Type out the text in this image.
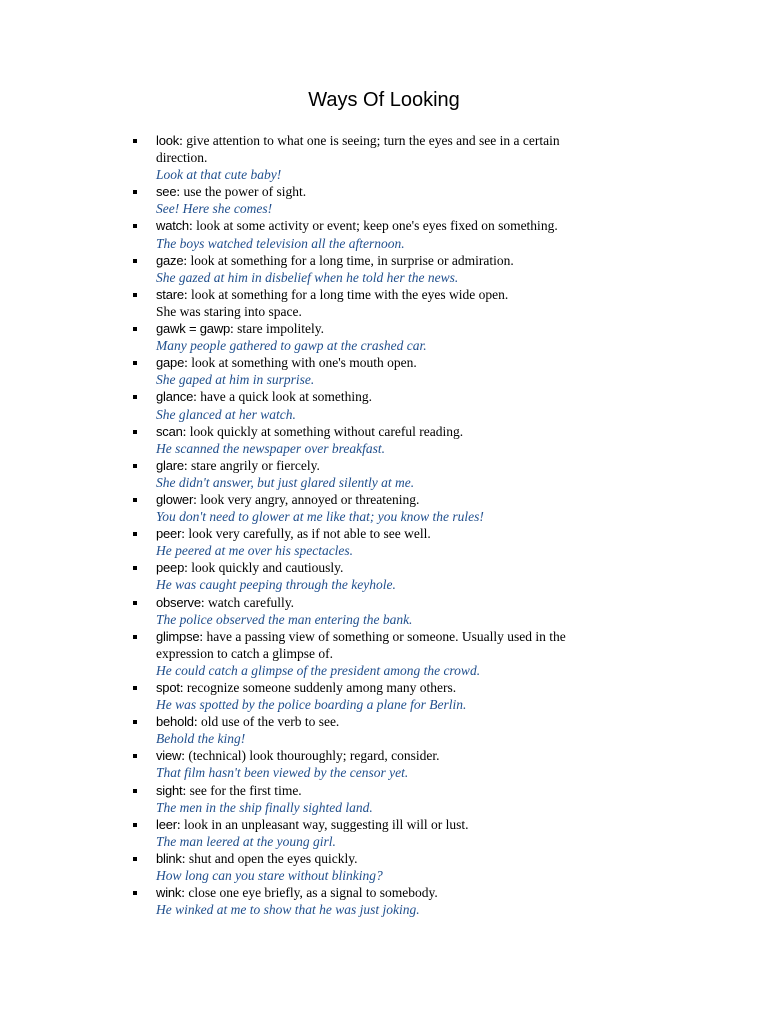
Ways Of Looking
look: give attention to what one is seeing; turn the eyes and see in a certain
direction.
Look at that cute baby!
see: use the power of sight.
See! Here she comes!
watch: look at some activity or event; keep one's eyes fixed on something.
The boys watched television all the afternoon.
gaze: look at something for a long time, in surprise or admiration.
She gazed at him in disbelief when he told her the news.
stare: look at something for a long time with the eyes wide open.
She was staring into space.
gawk = gawp: stare impolitely.
Many people gathered to gawp at the crashed car.
gape: look at something with one's mouth open.
She gaped at him in surprise.
glance: have a quick look at something.
She glanced at her watch.
scan: look quickly at something without careful reading.
He scanned the newspaper over breakfast.
glare: stare angrily or fiercely.
She didn't answer, but just glared silently at me.
glower: look very angry, annoyed or threatening.
You don't need to glower at me like that; you know the rules!
peer: look very carefully, as if not able to see well.
He peered at me over his spectacles.
peep: look quickly and cautiously.
He was caught peeping through the keyhole.
observe: watch carefully.
The police observed the man entering the bank.
glimpse: have a passing view of something or someone. Usually used in the
expression to catch a glimpse of.
He could catch a glimpse of the president among the crowd.
spot: recognize someone suddenly among many others.
He was spotted by the police boarding a plane for Berlin.
behold: old use of the verb to see.
Behold the king!
view: (technical) look thouroughly; regard, consider.
That film hasn't been viewed by the censor yet.
sight: see for the first time.
The men in the ship finally sighted land.
leer: look in an unpleasant way, suggesting ill will or lust.
The man leered at the young girl.
blink: shut and open the eyes quickly.
How long can you stare without blinking?
wink: close one eye briefly, as a signal to somebody.
He winked at me to show that he was just joking.
